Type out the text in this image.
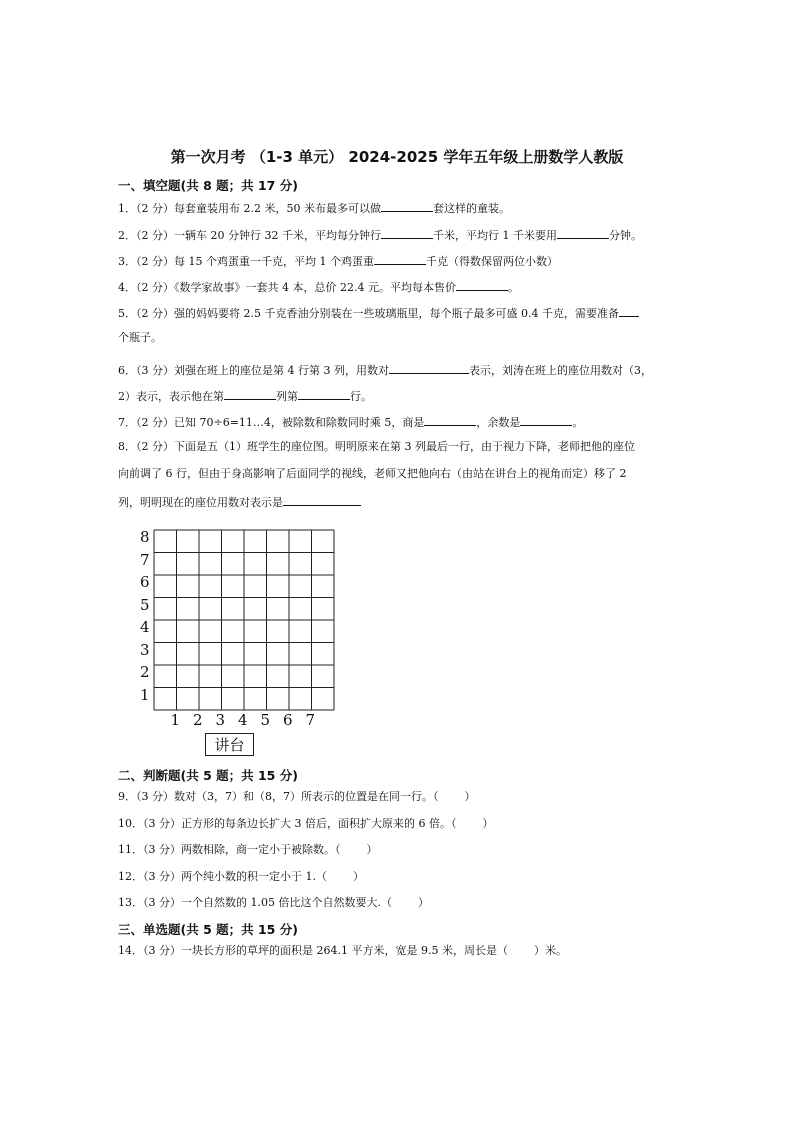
第一次月考 （1-3 单元） 2024-2025 学年五年级上册数学人教版
一、填空题(共 8 题；共 17 分)
1．（2 分）每套童装用布 2.2 米，50 米布最多可以做	套这样的童装。
2．（2 分）一辆车 20 分钟行 32 千米，平均每分钟行	千米，平均行 1 千米要用	分钟。
3．（2 分）每 15 个鸡蛋重一千克，平均 1 个鸡蛋重	千克（得数保留两位小数）
4．（2 分）《数学家故事》一套共 4 本，总价 22.4 元。平均每本售价	。
5．（2 分）强的妈妈要将 2.5 千克香油分别装在一些玻璃瓶里，每个瓶子最多可盛 0.4 千克，需要准备
个瓶子。
6．（3 分）刘强在班上的座位是第 4 行第 3 列，用数对	表示，刘涛在班上的座位用数对（3，
2）表示，表示他在第	列第	行。
7．（2 分）已知 70÷6=11…4，被除数和除数同时乘 5，商是	，余数是	。
8．（2 分）下面是五（1）班学生的座位图。明明原来在第 3 列最后一行，由于视力下降，老师把他的座位
向前调了 6 行，但由于身高影响了后面同学的视线，老师又把他向右（由站在讲台上的视角而定）移了 2
列，明明现在的座位用数对表示是
8
7
6
5
4
3
2
1
1 2 3 4 5 6 7
讲台
二、判断题(共 5 题；共 15 分)
9．（3 分）数对（3，7）和（8，7）所表示的位置是在同一行。（ ）
10．（3 分）正方形的每条边长扩大 3 倍后，面积扩大原来的 6 倍。（ ）
11．（3 分）两数相除，商一定小于被除数。（ ）
12．（3 分）两个纯小数的积一定小于 1.（ ）
13．（3 分）一个自然数的 1.05 倍比这个自然数要大.（ ）
三、单选题(共 5 题；共 15 分)
14．（3 分）一块长方形的草坪的面积是 264.1 平方米，宽是 9.5 米，周长是（ ）米。
